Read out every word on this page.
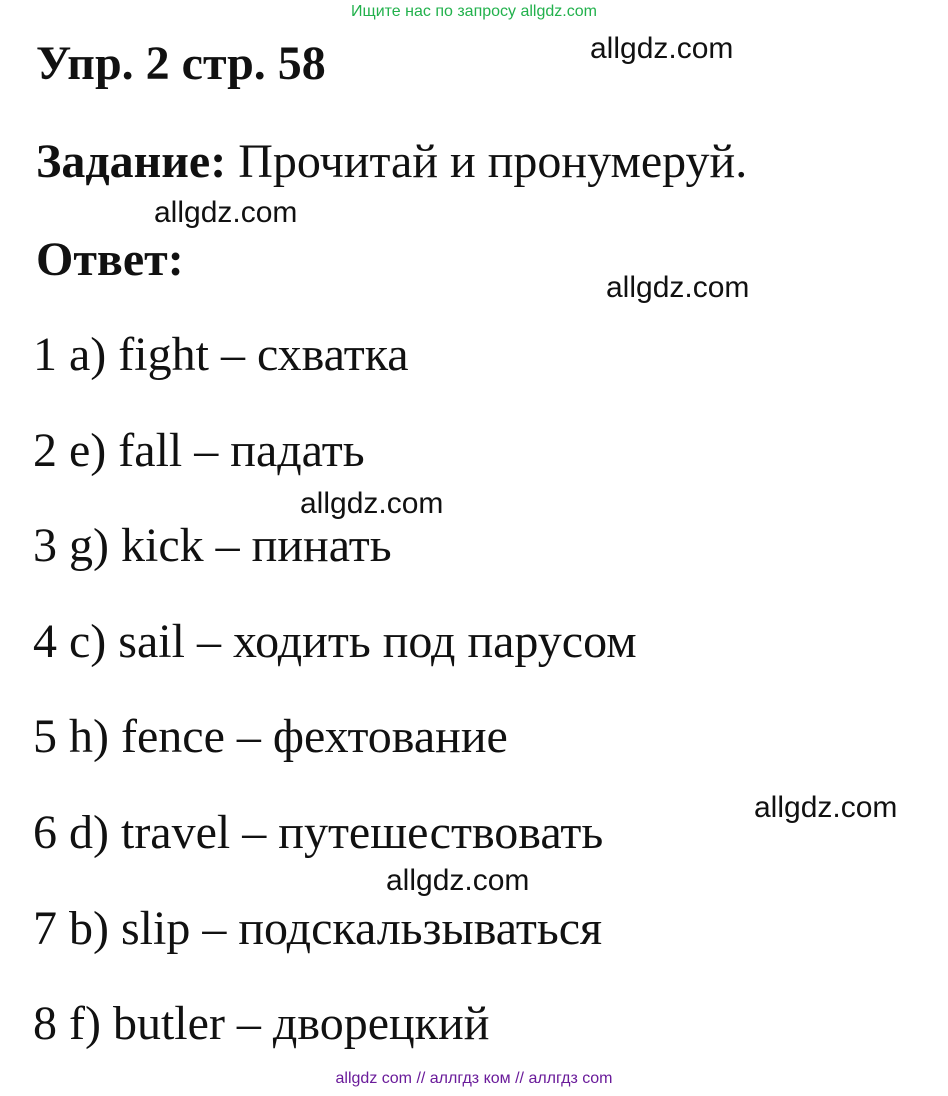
Ищите нас по запросу allgdz.com
Упр. 2 стр. 58
Задание: Прочитай и пронумеруй.
Ответ:
1 a) fight – схватка
2 e) fall – падать
3 g) kick – пинать
4 c) sail – ходить под парусом
5 h) fence – фехтование
6 d) travel – путешествовать
7 b) slip – подскальзываться
8 f) butler – дворецкий
allgdz.com
allgdz.com
allgdz.com
allgdz.com
allgdz.com
allgdz.com
allgdz com // аллгдз ком // аллгдз com
